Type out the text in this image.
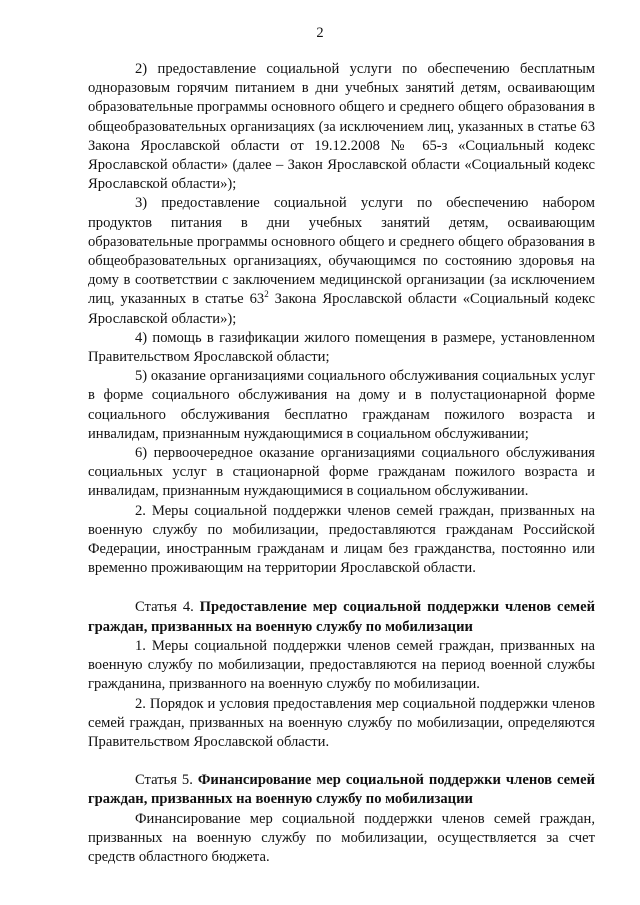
2

2) предоставление социальной услуги по обеспечению бесплатным одноразовым горячим питанием в дни учебных занятий детям, осваивающим образовательные программы основного общего и среднего общего образования в общеобразовательных организациях (за исключением лиц, указанных в статье 63 Закона Ярославской области от 19.12.2008 № 65-з «Социальный кодекс Ярославской области» (далее – Закон Ярославской области «Социальный кодекс Ярославской области»);

3) предоставление социальной услуги по обеспечению набором продуктов питания в дни учебных занятий детям, осваивающим образовательные программы основного общего и среднего общего образования в общеобразовательных организациях, обучающимся по состоянию здоровья на дому в соответствии с заключением медицинской организации (за исключением лиц, указанных в статье $63^2$ Закона Ярославской области «Социальный кодекс Ярославской области»);

4) помощь в газификации жилого помещения в размере, установленном Правительством Ярославской области;

5) оказание организациями социального обслуживания социальных услуг в форме социального обслуживания на дому и в полустационарной форме социального обслуживания бесплатно гражданам пожилого возраста и инвалидам, признанным нуждающимися в социальном обслуживании;

6) первоочередное оказание организациями социального обслуживания социальных услуг в стационарной форме гражданам пожилого возраста и инвалидам, признанным нуждающимися в социальном обслуживании.

2. Меры социальной поддержки членов семей граждан, призванных на военную службу по мобилизации, предоставляются гражданам Российской Федерации, иностранным гражданам и лицам без гражданства, постоянно или временно проживающим на территории Ярославской области.

Статья 4. Предоставление мер социальной поддержки членов семей граждан, призванных на военную службу по мобилизации

1. Меры социальной поддержки членов семей граждан, призванных на военную службу по мобилизации, предоставляются на период военной службы гражданина, призванного на военную службу по мобилизации.

2. Порядок и условия предоставления мер социальной поддержки членов семей граждан, призванных на военную службу по мобилизации, определяются Правительством Ярославской области.

Статья 5. Финансирование мер социальной поддержки членов семей граждан, призванных на военную службу по мобилизации

Финансирование мер социальной поддержки членов семей граждан, призванных на военную службу по мобилизации, осуществляется за счет средств областного бюджета.
